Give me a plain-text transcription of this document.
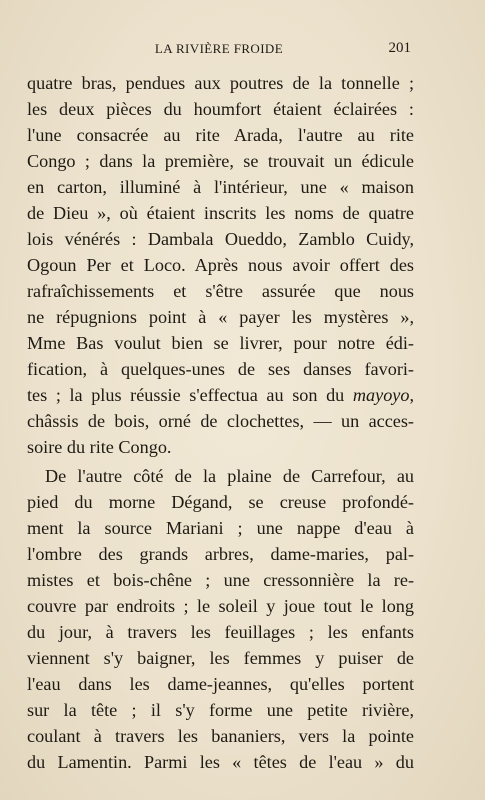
LA RIVIÈRE FROIDE	201
quatre bras, pendues aux poutres de la tonnelle ;
les deux pièces du houmfort étaient éclairées :
l'une consacrée au rite Arada, l'autre au rite
Congo ; dans la première, se trouvait un édicule
en carton, illuminé à l'intérieur, une « maison
de Dieu », où étaient inscrits les noms de quatre
lois vénérés : Dambala Oueddo, Zamblo Cuidy,
Ogoun Per et Loco. Après nous avoir offert des
rafraîchissements et s'être assurée que nous
ne répugnions point à « payer les mystères »,
Mme Bas voulut bien se livrer, pour notre édi-
fication, à quelques-unes de ses danses favori-
tes ; la plus réussie s'effectua au son du mayoyo,
châssis de bois, orné de clochettes, — un acces-
soire du rite Congo.
De l'autre côté de la plaine de Carrefour, au
pied du morne Dégand, se creuse profondé-
ment la source Mariani ; une nappe d'eau à
l'ombre des grands arbres, dame-maries, pal-
mistes et bois-chêne ; une cressonnière la re-
couvre par endroits ; le soleil y joue tout le long
du jour, à travers les feuillages ; les enfants
viennent s'y baigner, les femmes y puiser de
l'eau dans les dame-jeannes, qu'elles portent
sur la tête ; il s'y forme une petite rivière,
coulant à travers les bananiers, vers la pointe
du Lamentin. Parmi les « têtes de l'eau » du
